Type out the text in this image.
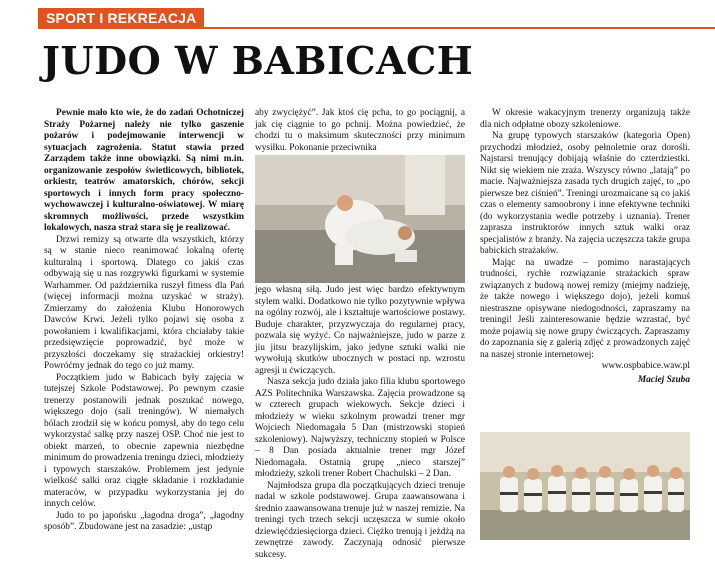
SPORT I REKREACJA
JUDO W BABICACH

Pewnie mało kto wie, że do zadań Ochotniczej Straży Pożarnej należy nie tylko gaszenie pożarów i podejmowanie interwencji w sytuacjach zagrożenia. Statut stawia przed Zarządem także inne obowiązki. Są nimi m.in. organizowanie zespołów świetlicowych, bibliotek, orkiestr, teatrów amatorskich, chórów, sekcji sportowych i innych form pracy społeczno-wychowawczej i kulturalno-oświatowej. W miarę skromnych możliwości, przede wszystkim lokalowych, nasza straż stara się je realizować.

Drzwi remizy są otwarte dla wszystkich, którzy są w stanie nieco reanimować lokalną ofertę kulturalną i sportową. Dlatego co jakiś czas odbywają się u nas rozgrywki figurkami w systemie Warhammer. Od października ruszył fitness dla Pań (więcej informacji można uzyskać w straży). Zmierzamy do założenia Klubu Honorowych Dawców Krwi. Jeżeli tylko pojawi się osoba z powołaniem i kwalifikacjami, która chciałaby takie przedsięwzięcie poprowadzić, być może w przyszłości doczekamy się strażackiej orkiestry! Powróćmy jednak do tego co już mamy.

Początkiem judo w Babicach były zajęcia w tutejszej Szkole Podstawowej. Po pewnym czasie trenerzy postanowili jednak poszukać nowego, większego dojo (sali treningów). W niemałych bólach zrodził się w końcu pomysł, aby do tego celu wykorzystać salkę przy naszej OSP. Choć nie jest to obiekt marzeń, to obecnie zapewnia niezbędne minimum do prowadzenia treningu dzieci, młodzieży i typowych starszaków. Problemem jest jedynie wielkość salki oraz ciągłe składanie i rozkładanie materaców, w przypadku wykorzystania jej do innych celów.

Judo to po japońsku „łagodna droga”, „łagodny sposób”. Zbudowane jest na zasadzie: „ustąp

aby zwyciężyć”. Jak ktoś cię pcha, to go pociągnij, a jak cię ciągnie to go pchnij. Można powiedzieć, że chodzi tu o maksimum skuteczności przy minimum wysiłku. Pokonanie przeciwnika

jego własną siłą. Judo jest więc bardzo efektywnym stylem walki. Dodatkowo nie tylko pozytywnie wpływa na ogólny rozwój, ale i kształtuje wartościowe postawy. Buduje charakter, przyzwyczaja do regularnej pracy, pozwala się wyżyć. Co najważniejsze, judo w parze z jiu jitsu brazylijskim, jako jedyne sztuki walki nie wywołują skutków ubocznych w postaci np. wzrostu agresji u ćwiczących.

Nasza sekcja judo działa jako filia klubu sportowego AZS Politechnika Warszawska. Zajęcia prowadzone są w czterech grupach wiekowych. Sekcje dzieci i młodzieży w wieku szkolnym prowadzi trener mgr Wojciech Niedomagała 5 Dan (mistrzowski stopień szkoleniowy). Najwyższy, techniczny stopień w Polsce – 8 Dan posiada aktualnie trener mgr Józef Niedomagała. Ostatnią grupę „nieco starszej” młodzieży, szkoli trener Robert Chachulski – 2 Dan.

Najmłodsza grupa dla początkujących dzieci trenuje nadal w szkole podstawowej. Grupa zaawansowana i średnio zaawansowana trenuje już w naszej remizie. Na treningi tych trzech sekcji uczęszcza w sumie około dziewięćdziesięciorga dzieci. Ciężko trenują i jeżdżą na zewnętrze zawody. Zaczynają odnosić pierwsze sukcesy.

W okresie wakacyjnym trenerzy organizują także dla nich odpłatne obozy szkoleniowe.

Na grupę typowych starszaków (kategoria Open) przychodzi młodzież, osoby pełnoletnie oraz dorośli. Najstarsi trenujący dobijają właśnie do czterdziestki. Nikt się wiekiem nie zraża. Wszyscy równo „latają” po macie. Najważniejsza zasada tych drugich zajęć, to „po pierwsze bez ciśnień”. Treningi urozmaicane są co jakiś czas o elementy samoobrony i inne efektywne techniki (do wykorzystania wedle potrzeby i uznania). Trener zaprasza instruktorów innych sztuk walki oraz specjalistów z branży. Na zajęcia uczęszcza także grupa babickich strażaków.

Mając na uwadze – pomimo narastających trudności, rychłe rozwiązanie strażackich spraw związanych z budową nowej remizy (miejmy nadzieję, że także nowego i większego dojo), jeżeli komuś niestraszne opisywane niedogodności, zapraszamy na treningi! Jeśli zainteresowanie będzie wzrastać, być może pojawią się nowe grupy ćwiczących. Zapraszamy do zapoznania się z galerią zdjęć z prowadzonych zajęć na naszej stronie internetowej:

www.ospbabice.waw.pl

Maciej Szuba
